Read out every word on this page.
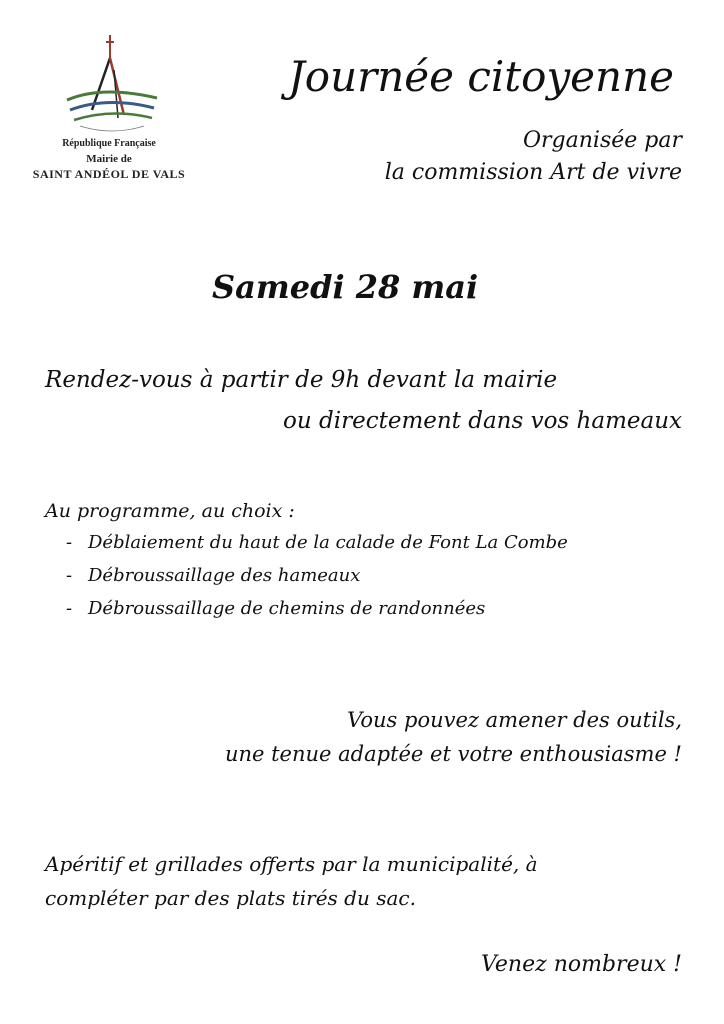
République Française
Mairie de
SAINT ANDÉOL DE VALS
Journée citoyenne
Organisée par
la commission Art de vivre
Samedi 28 mai
Rendez-vous à partir de 9h devant la mairie
ou directement dans vos hameaux
Au programme, au choix :
- Déblaiement du haut de la calade de Font La Combe
- Débroussaillage des hameaux
- Débroussaillage de chemins de randonnées
Vous pouvez amener des outils,
une tenue adaptée et votre enthousiasme !
Apéritif et grillades offerts par la municipalité, à
compléter par des plats tirés du sac.
Venez nombreux !
